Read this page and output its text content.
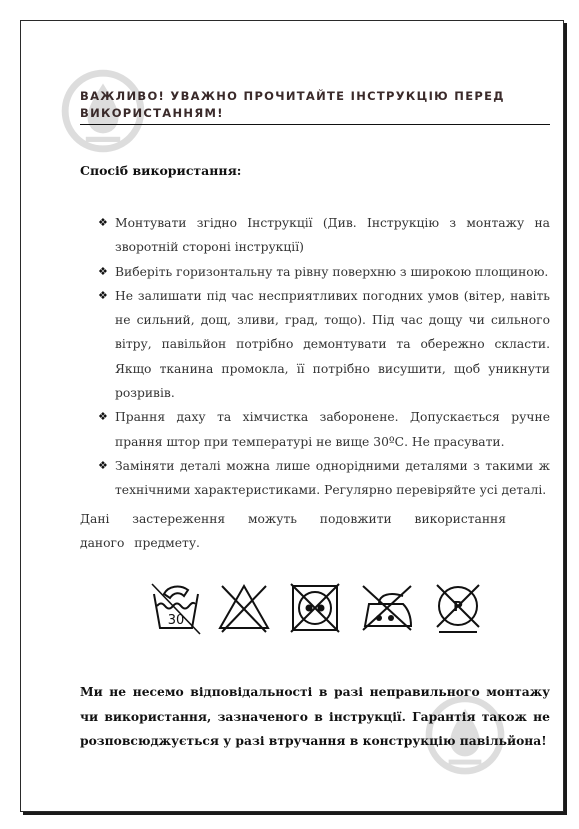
ВАЖЛИВО! УВАЖНО ПРОЧИТАЙТЕ ІНСТРУКЦІЮ ПЕРЕД ВИКОРИСТАННЯМ!
Спосіб використання:
❖ Монтувати згідно Інструкції (Див. Інструкцію з монтажу на зворотній стороні інструкції)
❖ Виберіть горизонтальну та рівну поверхню з широкою площиною.
❖ Не залишати під час несприятливих погодних умов (вітер, навіть не сильний, дощ, зливи, град, тощо). Під час дощу чи сильного вітру, павільйон потрібно демонтувати та обережно скласти. Якщо тканина промокла, її потрібно висушити, щоб уникнути розривів.
❖ Прання даху та хімчистка заборонене. Допускається ручне прання штор при температурі не вище 30ºС. Не прасувати.
❖ Заміняти деталі можна лише однорідними деталями з такими ж технічними характеристиками. Регулярно перевіряйте усі деталі.
Дані застереження можуть подовжити використання даного предмету.
30
P
Ми не несемо відповідальності в разі неправильного монтажу чи використання, зазначеного в інструкції. Гарантія також не розповсюджується у разі втручання в конструкцію павільйона!
